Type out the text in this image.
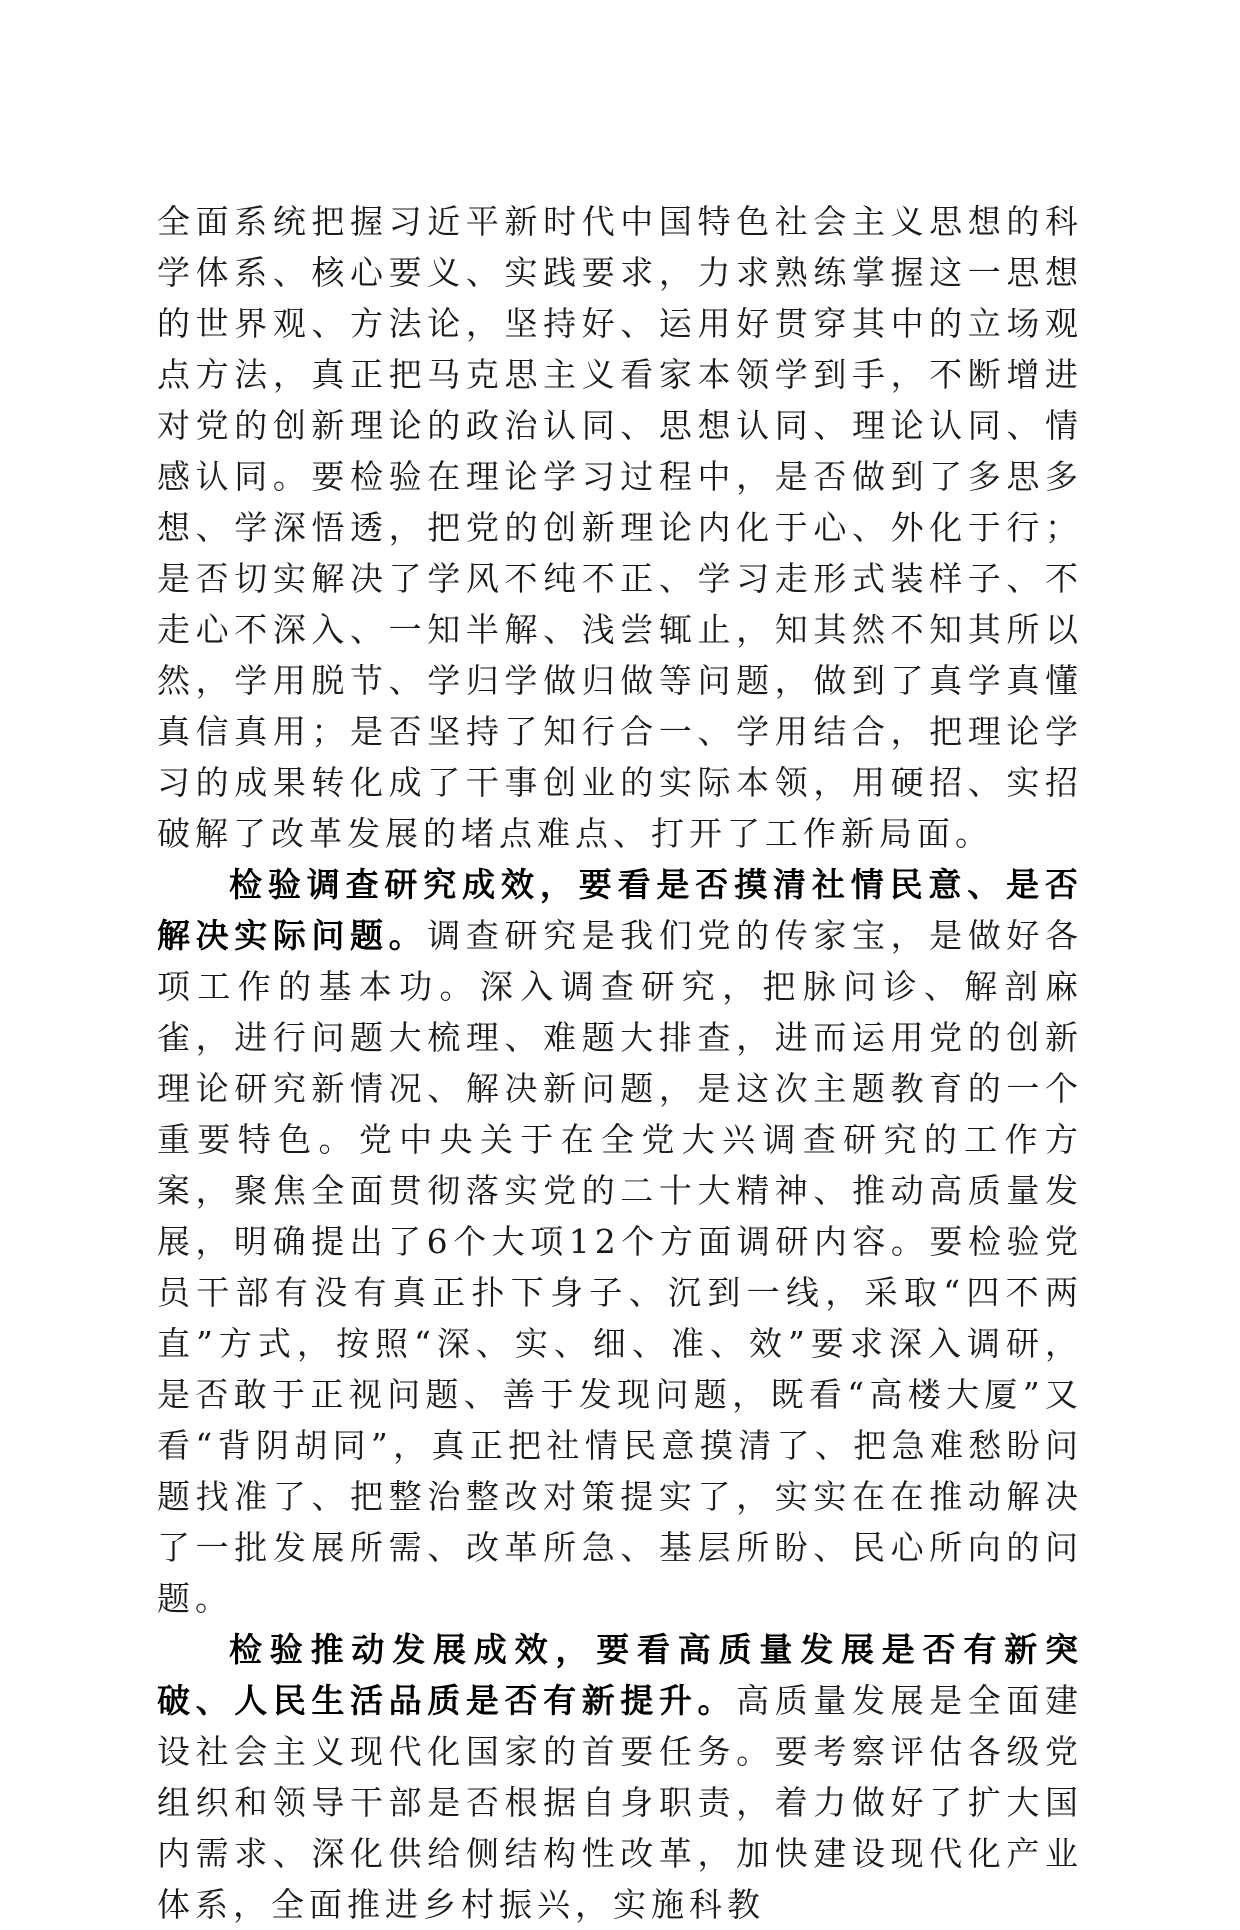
全面系统把握习近平新时代中国特色社会主义思想的科学体系、核心要义、实践要求，力求熟练掌握这一思想的世界观、方法论，坚持好、运用好贯穿其中的立场观点方法，真正把马克思主义看家本领学到手，不断增进对党的创新理论的政治认同、思想认同、理论认同、情感认同。要检验在理论学习过程中，是否做到了多思多想、学深悟透，把党的创新理论内化于心、外化于行；是否切实解决了学风不纯不正、学习走形式装样子、不走心不深入、一知半解、浅尝辄止，知其然不知其所以然，学用脱节、学归学做归做等问题，做到了真学真懂真信真用；是否坚持了知行合一、学用结合，把理论学习的成果转化成了干事创业的实际本领，用硬招、实招破解了改革发展的堵点难点、打开了工作新局面。

检验调查研究成效，要看是否摸清社情民意、是否解决实际问题。调查研究是我们党的传家宝，是做好各项工作的基本功。深入调查研究，把脉问诊、解剖麻雀，进行问题大梳理、难题大排查，进而运用党的创新理论研究新情况、解决新问题，是这次主题教育的一个重要特色。党中央关于在全党大兴调查研究的工作方案，聚焦全面贯彻落实党的二十大精神、推动高质量发展，明确提出了6个大项12个方面调研内容。要检验党员干部有没有真正扑下身子、沉到一线，采取“四不两直”方式，按照“深、实、细、准、效”要求深入调研，是否敢于正视问题、善于发现问题，既看“高楼大厦”又看“背阴胡同”，真正把社情民意摸清了、把急难愁盼问题找准了、把整治整改对策提实了，实实在在推动解决了一批发展所需、改革所急、基层所盼、民心所向的问题。

检验推动发展成效，要看高质量发展是否有新突破、人民生活品质是否有新提升。高质量发展是全面建设社会主义现代化国家的首要任务。要考察评估各级党组织和领导干部是否根据自身职责，着力做好了扩大国内需求、深化供给侧结构性改革，加快建设现代化产业体系，全面推进乡村振兴，实施科教
